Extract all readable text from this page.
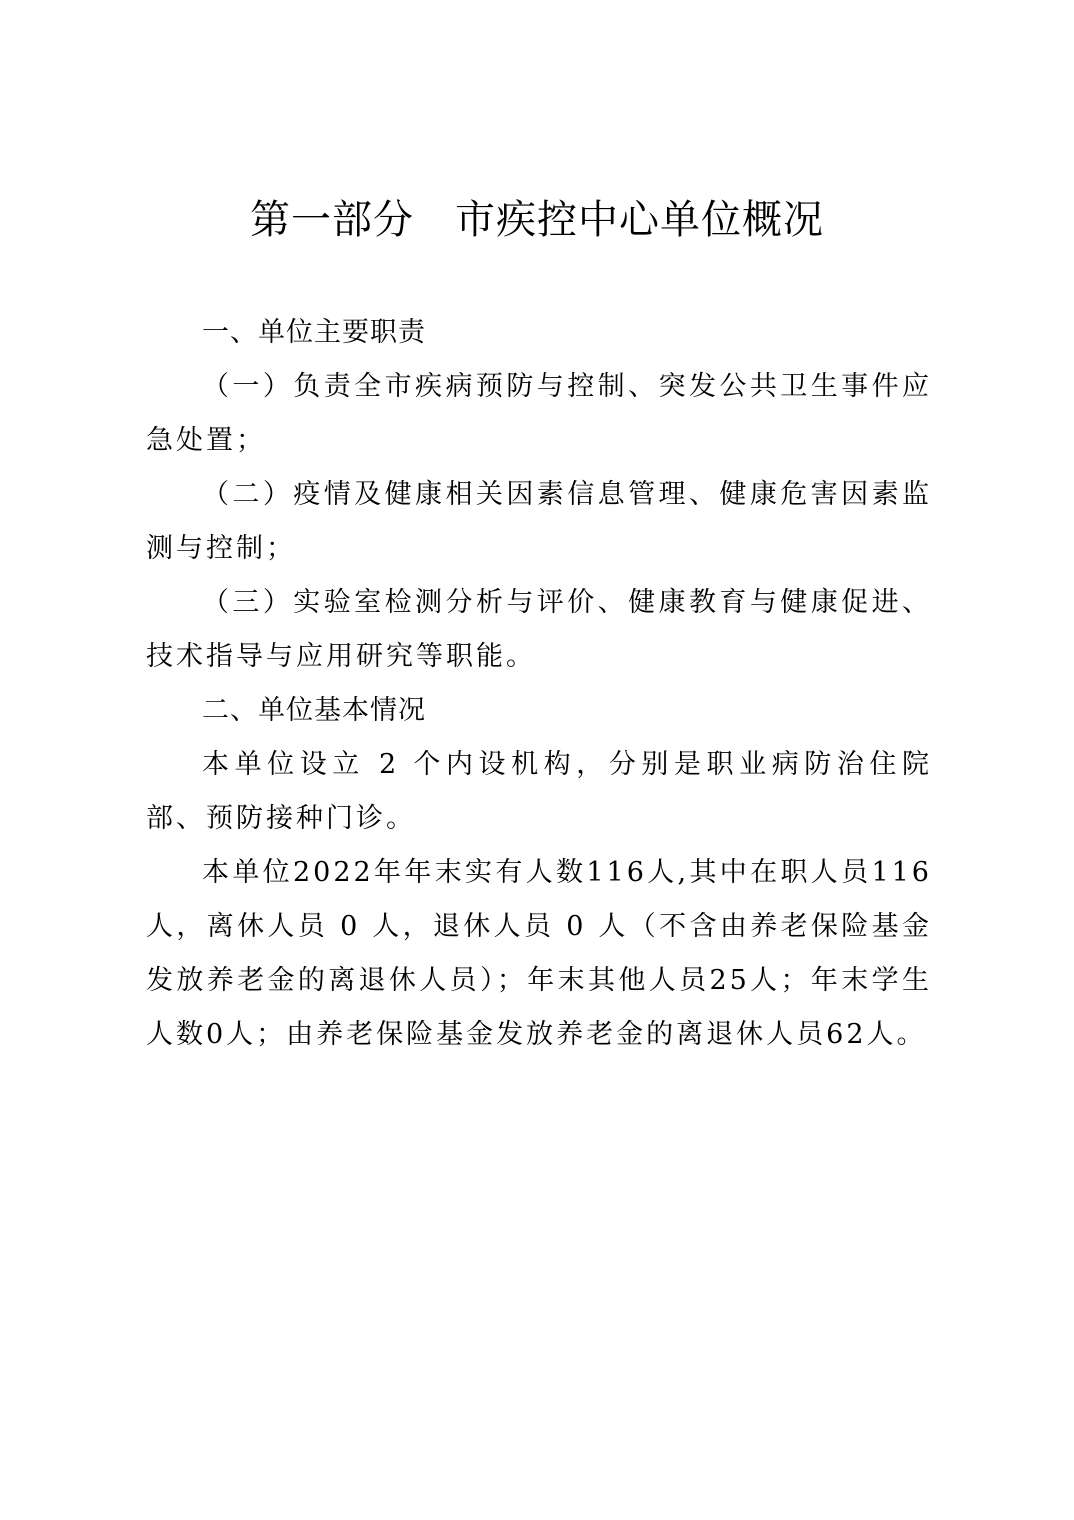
第一部分　市疾控中心单位概况
一、单位主要职责
（一）负责全市疾病预防与控制、突发公共卫生事件应急处置；
（二）疫情及健康相关因素信息管理、健康危害因素监测与控制；
（三）实验室检测分析与评价、健康教育与健康促进、技术指导与应用研究等职能。
二、单位基本情况
本单位设立 2 个内设机构，分别是职业病防治住院部、预防接种门诊。
本单位2022年年末实有人数116人,其中在职人员116人，离休人员 0 人，退休人员 0 人（不含由养老保险基金发放养老金的离退休人员）；年末其他人员25人；年末学生人数0人；由养老保险基金发放养老金的离退休人员62人。
